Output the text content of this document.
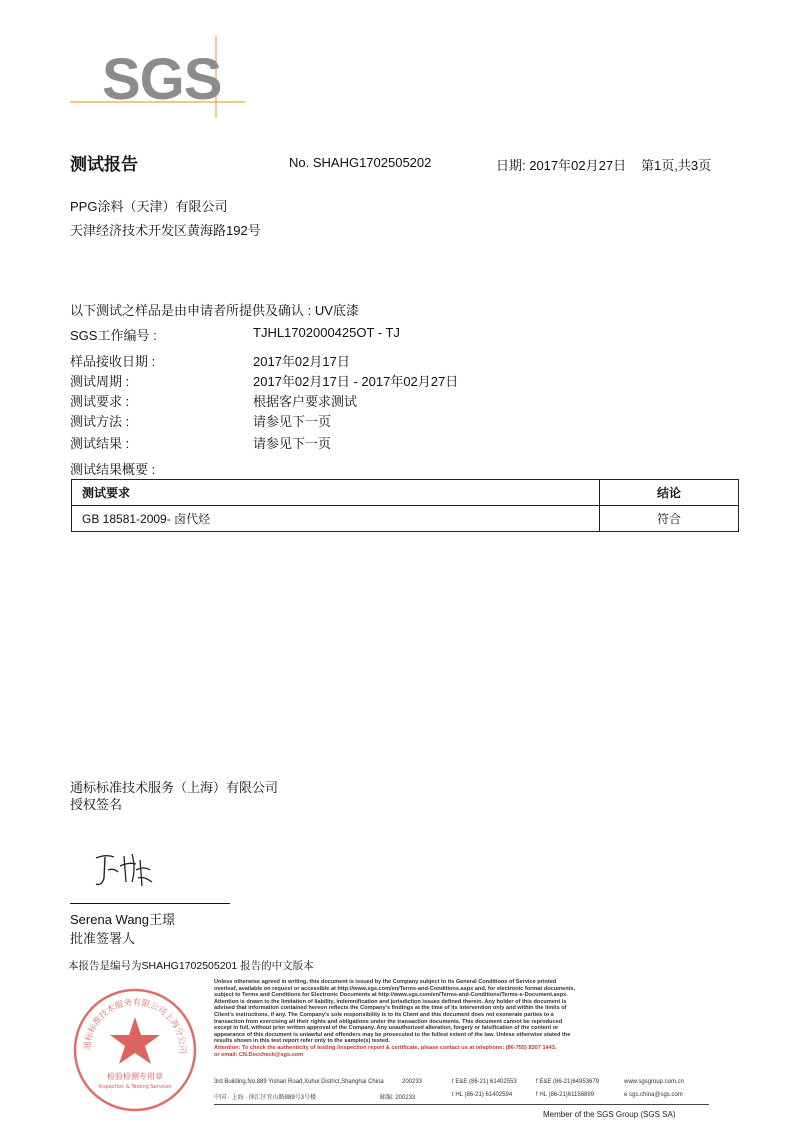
SGS
测试报告	No. SHAHG1702505202	日期: 2017年02月27日 第1页,共3页
PPG涂料（天津）有限公司
天津经济技术开发区黄海路192号
以下测试之样品是由申请者所提供及确认 : UV底漆
SGS工作编号 :	TJHL1702000425OT - TJ
样品接收日期 :	2017年02月17日
测试周期 :	2017年02月17日 - 2017年02月27日
测试要求 :	根据客户要求测试
测试方法 :	请参见下一页
测试结果 :	请参见下一页
测试结果概要 :
测试要求	结论
GB 18581-2009- 卤代烃	符合
通标标准技术服务（上海）有限公司
授权签名
Serena Wang王璟
批准签署人
本报告是编号为SHAHG1702505201 报告的中文版本
通标标准技术服务有限公司上海分公司
检验检测专用章
Inspection & Testing Services
Unless otherwise agreed in writing, this document is issued by the Company subject to its General Conditions of Service printed
overleaf, available on request or accessible at http://www.sgs.com/en/Terms-and-Conditions.aspx and, for electronic format documents,
subject to Terms and Conditions for Electronic Documents at http://www.sgs.com/en/Terms-and-Conditions/Terms-e-Document.aspx.
Attention is drawn to the limitation of liability, indemnification and jurisdiction issues defined therein. Any holder of this document is
advised that information contained hereon reflects the Company's findings at the time of its intervention only and within the limits of
Client's instructions, if any. The Company's sole responsibility is to its Client and this document does not exonerate parties to a
transaction from exercising all their rights and obligations under the transaction documents. This document cannot be reproduced
except in full, without prior written approval of the Company. Any unauthorized alteration, forgery or falsification of the content or
appearance of this document is unlawful and offenders may be prosecuted to the fullest extent of the law. Unless otherwise stated the
results shown in this test report refer only to the sample(s) tested.
Attention: To check the authenticity of testing /inspection report & certificate, please contact us at telephone: (86-755) 8307 1443,
or email: CN.Doccheck@sgs.com
3rd Building,No.889 Yishan Road,Xuhui District,Shanghai China	200233	t E&E (86-21) 61402553	f E&E (86-21)64953679	www.sgsgroup.com.cn
中国 · 上海 · 徐汇区宜山路889号3号楼	邮编: 200233	t HL (86-21) 61402594	f HL (86-21)61156899	e sgs.china@sgs.com
Member of the SGS Group (SGS SA)
